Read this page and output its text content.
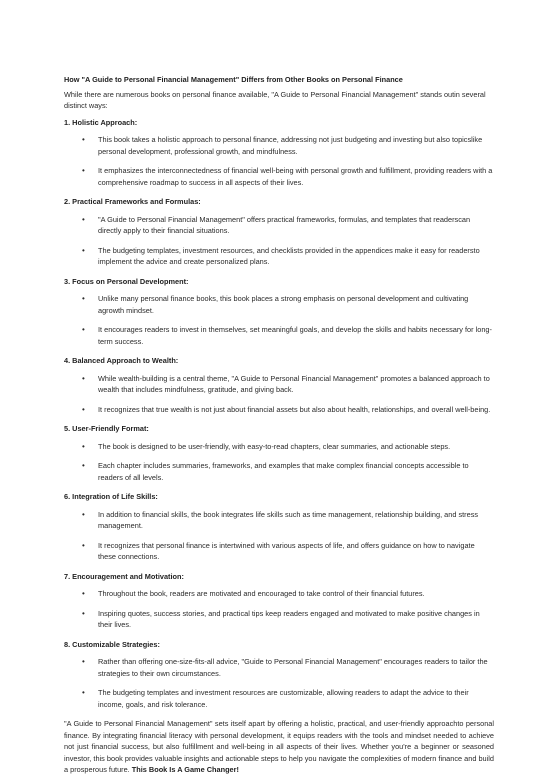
How "A Guide to Personal Financial Management" Differs from Other Books on Personal Finance

While there are numerous books on personal finance available, "A Guide to Personal Financial Management" stands outin several distinct ways:

1. Holistic Approach:

• This book takes a holistic approach to personal finance, addressing not just budgeting and investing but also topicslike personal development, professional growth, and mindfulness.
• It emphasizes the interconnectedness of financial well-being with personal growth and fulfillment, providing readers with a comprehensive roadmap to success in all aspects of their lives.

2. Practical Frameworks and Formulas:

• "A Guide to Personal Financial Management" offers practical frameworks, formulas, and templates that readerscan directly apply to their financial situations.
• The budgeting templates, investment resources, and checklists provided in the appendices make it easy for readersto implement the advice and create personalized plans.

3. Focus on Personal Development:

• Unlike many personal finance books, this book places a strong emphasis on personal development and cultivating agrowth mindset.
• It encourages readers to invest in themselves, set meaningful goals, and develop the skills and habits necessary for long-term success.

4. Balanced Approach to Wealth:

• While wealth-building is a central theme, "A Guide to Personal Financial Management" promotes a balanced approach to wealth that includes mindfulness, gratitude, and giving back.
• It recognizes that true wealth is not just about financial assets but also about health, relationships, and overall well-being.

5. User-Friendly Format:

• The book is designed to be user-friendly, with easy-to-read chapters, clear summaries, and actionable steps.
• Each chapter includes summaries, frameworks, and examples that make complex financial concepts accessible to readers of all levels.

6. Integration of Life Skills:

• In addition to financial skills, the book integrates life skills such as time management, relationship building, and stress management.
• It recognizes that personal finance is intertwined with various aspects of life, and offers guidance on how to navigate these connections.

7. Encouragement and Motivation:

• Throughout the book, readers are motivated and encouraged to take control of their financial futures.
• Inspiring quotes, success stories, and practical tips keep readers engaged and motivated to make positive changes in their lives.

8. Customizable Strategies:

• Rather than offering one-size-fits-all advice, "Guide to Personal Financial Management" encourages readers to tailor the strategies to their own circumstances.
• The budgeting templates and investment resources are customizable, allowing readers to adapt the advice to their income, goals, and risk tolerance.

"A Guide to Personal Financial Management" sets itself apart by offering a holistic, practical, and user-friendly approachto personal finance. By integrating financial literacy with personal development, it equips readers with the tools and mindset needed to achieve not just financial success, but also fulfillment and well-being in all aspects of their lives. Whether you're a beginner or seasoned investor, this book provides valuable insights and actionable steps to help you navigate the complexities of modern finance and build a prosperous future. This Book Is A Game Changer!
